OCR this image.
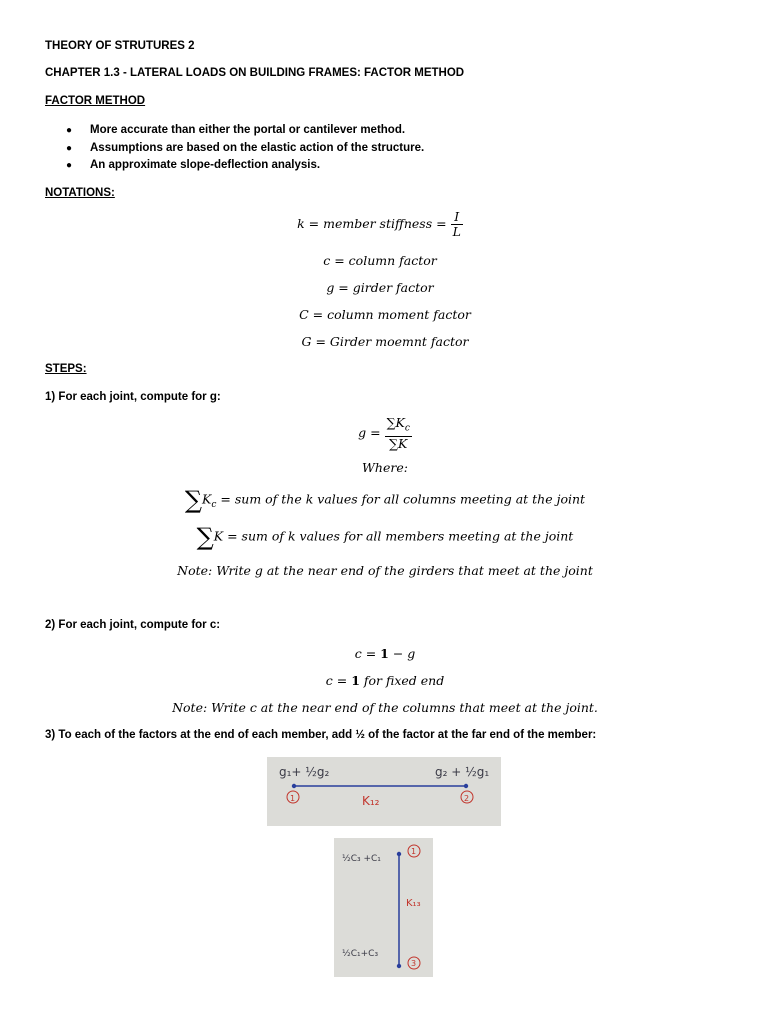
THEORY OF STRUTURES 2
CHAPTER 1.3 - LATERAL LOADS ON BUILDING FRAMES: FACTOR METHOD
FACTOR METHOD
● More accurate than either the portal or cantilever method.
● Assumptions are based on the elastic action of the structure.
● An approximate slope-deflection analysis.
NOTATIONS:
k = member stiffness = $\frac{I}{L}$
c = column factor
g = girder factor
C = column moment factor
G = Girder moemnt factor
STEPS:
1) For each joint, compute for g:
$g = \frac{\sum K_c}{\sum K}$
Where:
$\sum K_c$ = sum of the k values for all columns meeting at the joint
∑K = sum of k values for all members meeting at the joint
Note: Write g at the near end of the girders that meet at the joint
2) For each joint, compute for c:
c = 1 − g
c = 1 for fixed end
Note: Write c at the near end of the columns that meet at the joint.
3) To each of the factors at the end of each member, add ½ of the factor at the far end of the member:
g₁+ ½g₂	g₂ + ½g₁
K₁₂
1	2
½C₃ +C₁
½C₁+C₃
K₁₃
1
3
